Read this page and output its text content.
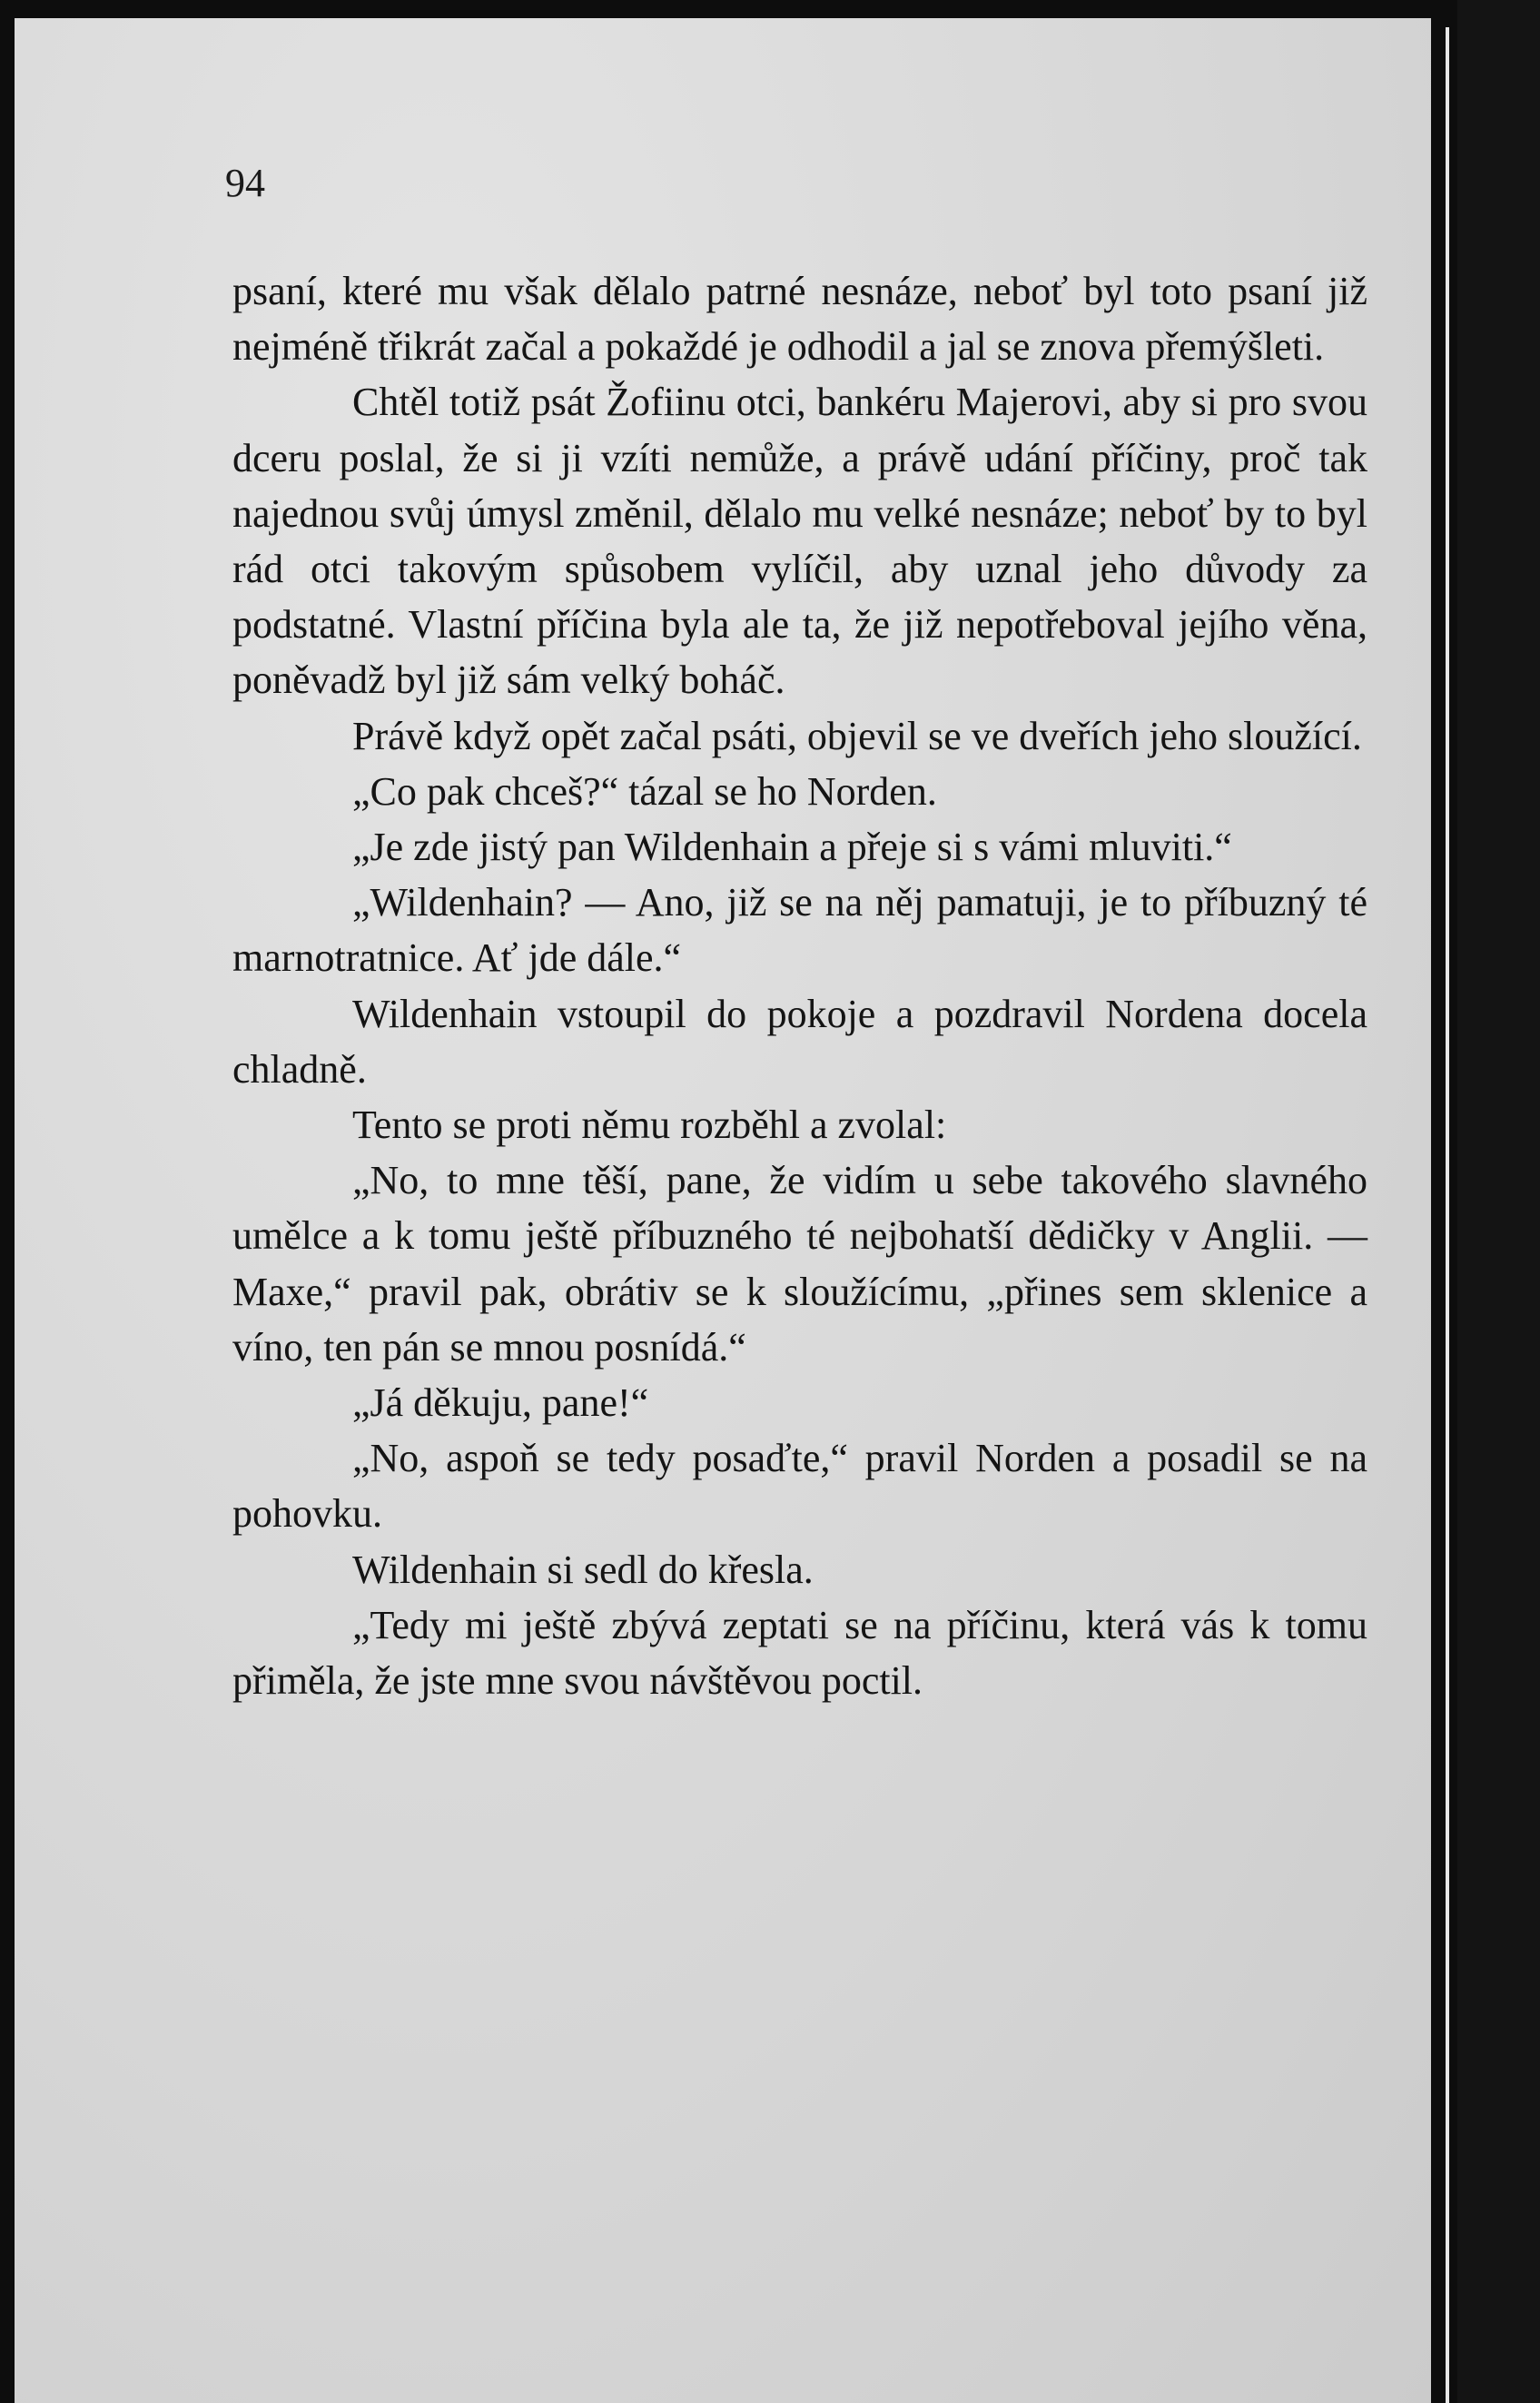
94

psaní, které mu však dělalo patrné nesnáze, neboť byl toto psaní již nejméně třikrát začal a pokaždé je odhodil a jal se znova přemýšleti.

Chtěl totiž psát Žofiinu otci, bankéru Majerovi, aby si pro svou dceru poslal, že si ji vzíti nemůže, a právě udání příčiny, proč tak najednou svůj úmysl změnil, dělalo mu velké nesnáze; neboť by to byl rád otci takovým spůsobem vylíčil, aby uznal jeho důvody za podstatné. Vlastní příčina byla ale ta, že již nepotřeboval jejího věna, poněvadž byl již sám velký boháč.

Právě když opět začal psáti, objevil se ve dveřích jeho sloužící.

„Co pak chceš?“ tázal se ho Norden.

„Je zde jistý pan Wildenhain a přeje si s vámi mluviti.“

„Wildenhain? — Ano, již se na něj pamatuji, je to příbuzný té marnotratnice. Ať jde dále.“

Wildenhain vstoupil do pokoje a pozdravil Nordena docela chladně.

Tento se proti němu rozběhl a zvolal:

„No, to mne těší, pane, že vidím u sebe takového slavného umělce a k tomu ještě příbuzného té nejbohatší dědičky v Anglii. — Maxe,“ pravil pak, obrátiv se k sloužícímu, „přines sem sklenice a víno, ten pán se mnou posnídá.“

„Já děkuju, pane!“

„No, aspoň se tedy posaďte,“ pravil Norden a posadil se na pohovku.

Wildenhain si sedl do křesla.

„Tedy mi ještě zbývá zeptati se na příčinu, která vás k tomu přiměla, že jste mne svou návštěvou poctil.
